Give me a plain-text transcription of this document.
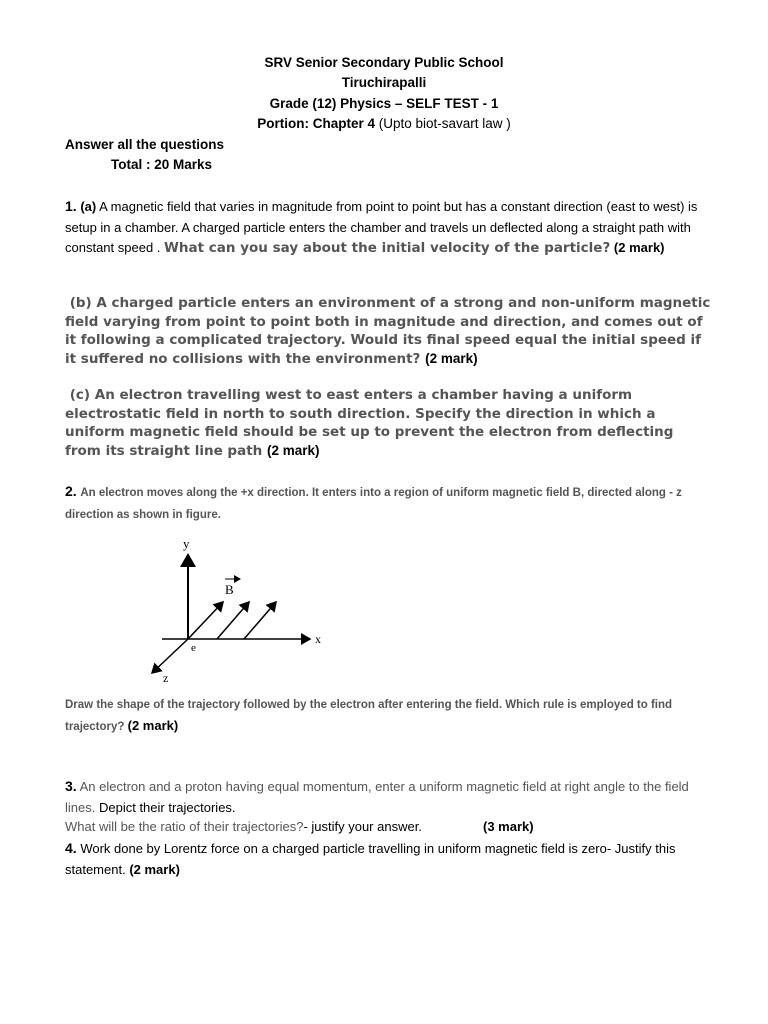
SRV Senior Secondary Public School
Tiruchirapalli
Grade (12) Physics – SELF TEST - 1
Portion: Chapter 4 (Upto biot-savart law )
Answer all the questions
Total : 20 Marks
1. (a) A magnetic field that varies in magnitude from point to point but has a constant direction (east to west) is setup in a chamber. A charged particle enters the chamber and travels un deflected along a straight path with constant speed . What can you say about the initial velocity of the particle? (2 mark)
(b) A charged particle enters an environment of a strong and non-uniform magnetic field varying from point to point both in magnitude and direction, and comes out of it following a complicated trajectory. Would its final speed equal the initial speed if it suffered no collisions with the environment? (2 mark)
(c) An electron travelling west to east enters a chamber having a uniform electrostatic field in north to south direction. Specify the direction in which a uniform magnetic field should be set up to prevent the electron from deflecting from its straight line path (2 mark)
2. An electron moves along the +x direction. It enters into a region of uniform magnetic field B, directed along - z direction as shown in figure.
y
x
z
B
e
Draw the shape of the trajectory followed by the electron after entering the field. Which rule is employed to find trajectory? (2 mark)
3. An electron and a proton having equal momentum, enter a uniform magnetic field at right angle to the field lines. Depict their trajectories.
What will be the ratio of their trajectories?- justify your answer.	(3 mark)
4. Work done by Lorentz force on a charged particle travelling in uniform magnetic field is zero- Justify this statement. (2 mark)
